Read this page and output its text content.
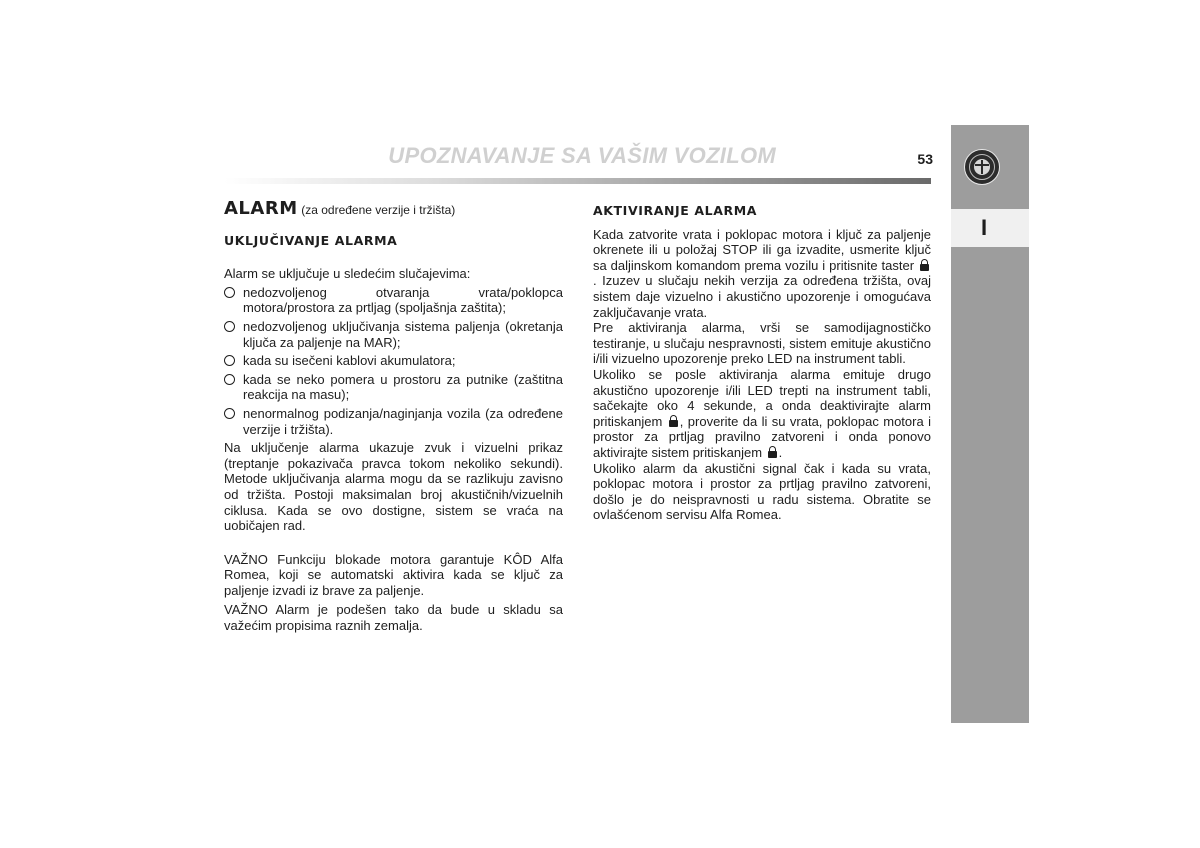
UPOZNAVANJE SA VAŠIM VOZILOM	53
I
ALARM (za određene verzije i tržišta)
UKLJUČIVANJE ALARMA

Alarm se uključuje u sledećim slučajevima:

nedozvoljenog otvaranja vrata/poklopca motora/prostora za prtljag (spoljašnja zaštita);
nedozvoljenog uključivanja sistema paljenja (okretanja ključa za paljenje na MAR);
kada su isečeni kablovi akumulatora;
kada se neko pomera u prostoru za putnike (zaštitna reakcija na masu);
nenormalnog podizanja/naginjanja vozila (za određene verzije i tržišta).

Na uključenje alarma ukazuje zvuk i vizuelni prikaz (treptanje pokazivača pravca tokom nekoliko sekundi). Metode uključivanja alarma mogu da se razlikuju zavisno od tržišta. Postoji maksimalan broj akustičnih/vizuelnih ciklusa. Kada se ovo dostigne, sistem se vraća na uobičajen rad.

VAŽNO Funkciju blokade motora garantuje KÔD Alfa Romea, koji se automatski aktivira kada se ključ za paljenje izvadi iz brave za paljenje.

VAŽNO Alarm je podešen tako da bude u skladu sa važećim propisima raznih zemalja.

AKTIVIRANJE ALARMA

Kada zatvorite vrata i poklopac motora i ključ za paljenje okrenete ili u položaj STOP ili ga izvadite, usmerite ključ sa daljinskom komandom prema vozilu i pritisnite taster . Izuzev u slučaju nekih verzija za određena tržišta, ovaj sistem daje vizuelno i akustično upozorenje i omogućava zaključavanje vrata.

Pre aktiviranja alarma, vrši se samodijagnostičko testiranje, u slučaju nespravnosti, sistem emituje akustično i/ili vizuelno upozorenje preko LED na instrument tabli.

Ukoliko se posle aktiviranja alarma emituje drugo akustično upozorenje i/ili LED trepti na instrument tabli, sačekajte oko 4 sekunde, a onda deaktivirajte alarm pritiskanjem , proverite da li su vrata, poklopac motora i prostor za prtljag pravilno zatvoreni i onda ponovo aktivirajte sistem pritiskanjem .

Ukoliko alarm da akustični signal čak i kada su vrata, poklopac motora i prostor za prtljag pravilno zatvoreni, došlo je do neispravnosti u radu sistema. Obratite se ovlašćenom servisu Alfa Romea.
